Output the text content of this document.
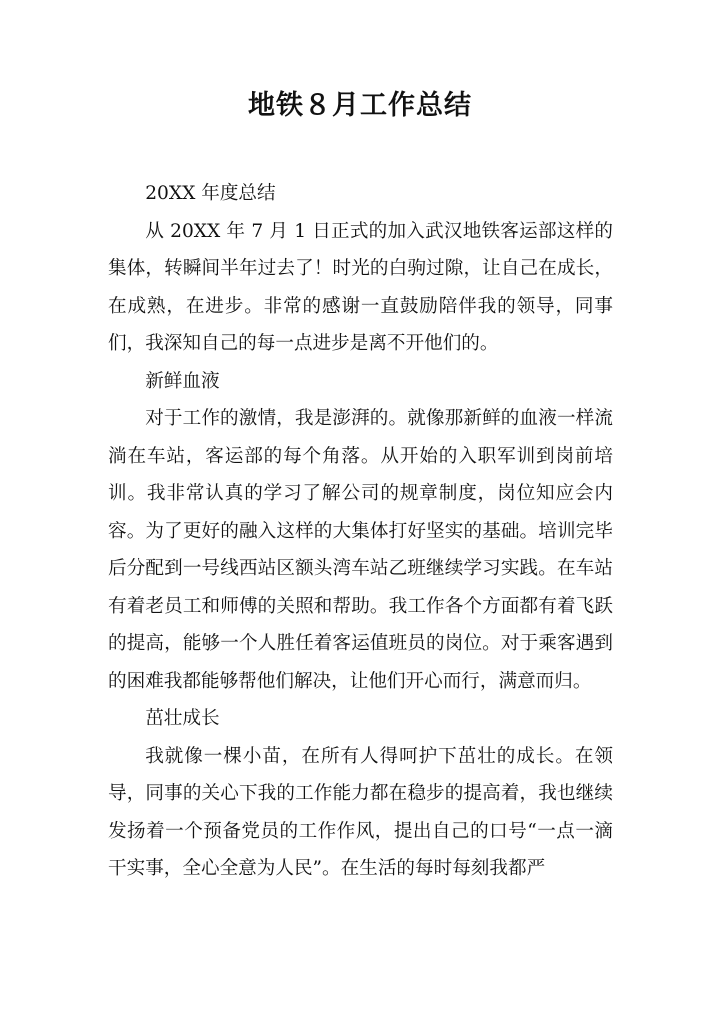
地铁８月工作总结

20XX 年度总结

从 20XX 年 7 月 1 日正式的加入武汉地铁客运部这样的集体，转瞬间半年过去了！时光的白驹过隙，让自己在成长，在成熟，在进步。非常的感谢一直鼓励陪伴我的领导，同事们，我深知自己的每一点进步是离不开他们的。

新鲜血液

对于工作的激情，我是澎湃的。就像那新鲜的血液一样流淌在车站，客运部的每个角落。从开始的入职军训到岗前培训。我非常认真的学习了解公司的规章制度，岗位知应会内容。为了更好的融入这样的大集体打好坚实的基础。培训完毕后分配到一号线西站区额头湾车站乙班继续学习实践。在车站有着老员工和师傅的关照和帮助。我工作各个方面都有着飞跃的提高，能够一个人胜任着客运值班员的岗位。对于乘客遇到的困难我都能够帮他们解决，让他们开心而行，满意而归。

茁壮成长

我就像一棵小苗，在所有人得呵护下茁壮的成长。在领导，同事的关心下我的工作能力都在稳步的提高着，我也继续发扬着一个预备党员的工作作风，提出自己的口号“一点一滴干实事，全心全意为人民”。在生活的每时每刻我都严
